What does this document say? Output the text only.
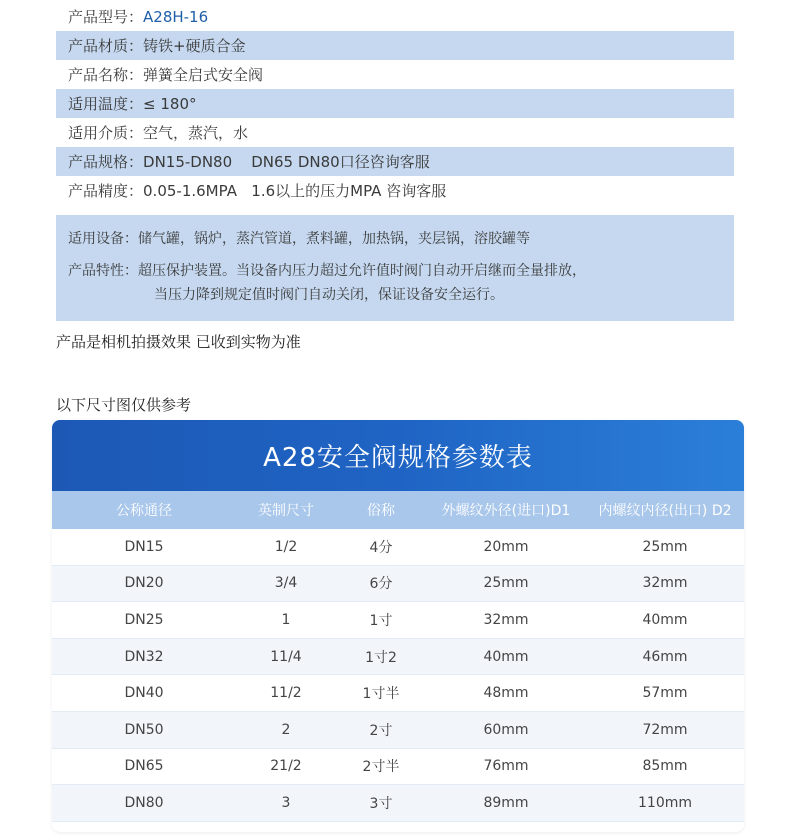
产品型号： A28H-16
产品材质： 铸铁+硬质合金
产品名称： 弹簧全启式安全阀
适用温度： ≤ 180°
适用介质： 空气，蒸汽，水
产品规格： DN15-DN80    DN65 DN80口径咨询客服
产品精度： 0.05-1.6MPA   1.6以上的压力MPA 咨询客服
适用设备： 储气罐，锅炉，蒸汽管道，煮料罐，加热锅，夹层锅，溶胶罐等
产品特性： 超压保护装置。当设备内压力超过允许值时阀门自动开启继而全量排放，
当压力降到规定值时阀门自动关闭，保证设备安全运行。
产品是相机拍摄效果 已收到实物为准
以下尺寸图仅供参考
A28安全阀规格参数表
公称通径	英制尺寸	俗称	外螺纹外径(进口)D1	内螺纹内径(出口) D2
DN15	1/2	4分	20mm	25mm
DN20	3/4	6分	25mm	32mm
DN25	1	1寸	32mm	40mm
DN32	11/4	1寸2	40mm	46mm
DN40	11/2	1寸半	48mm	57mm
DN50	2	2寸	60mm	72mm
DN65	21/2	2寸半	76mm	85mm
DN80	3	3寸	89mm	110mm
